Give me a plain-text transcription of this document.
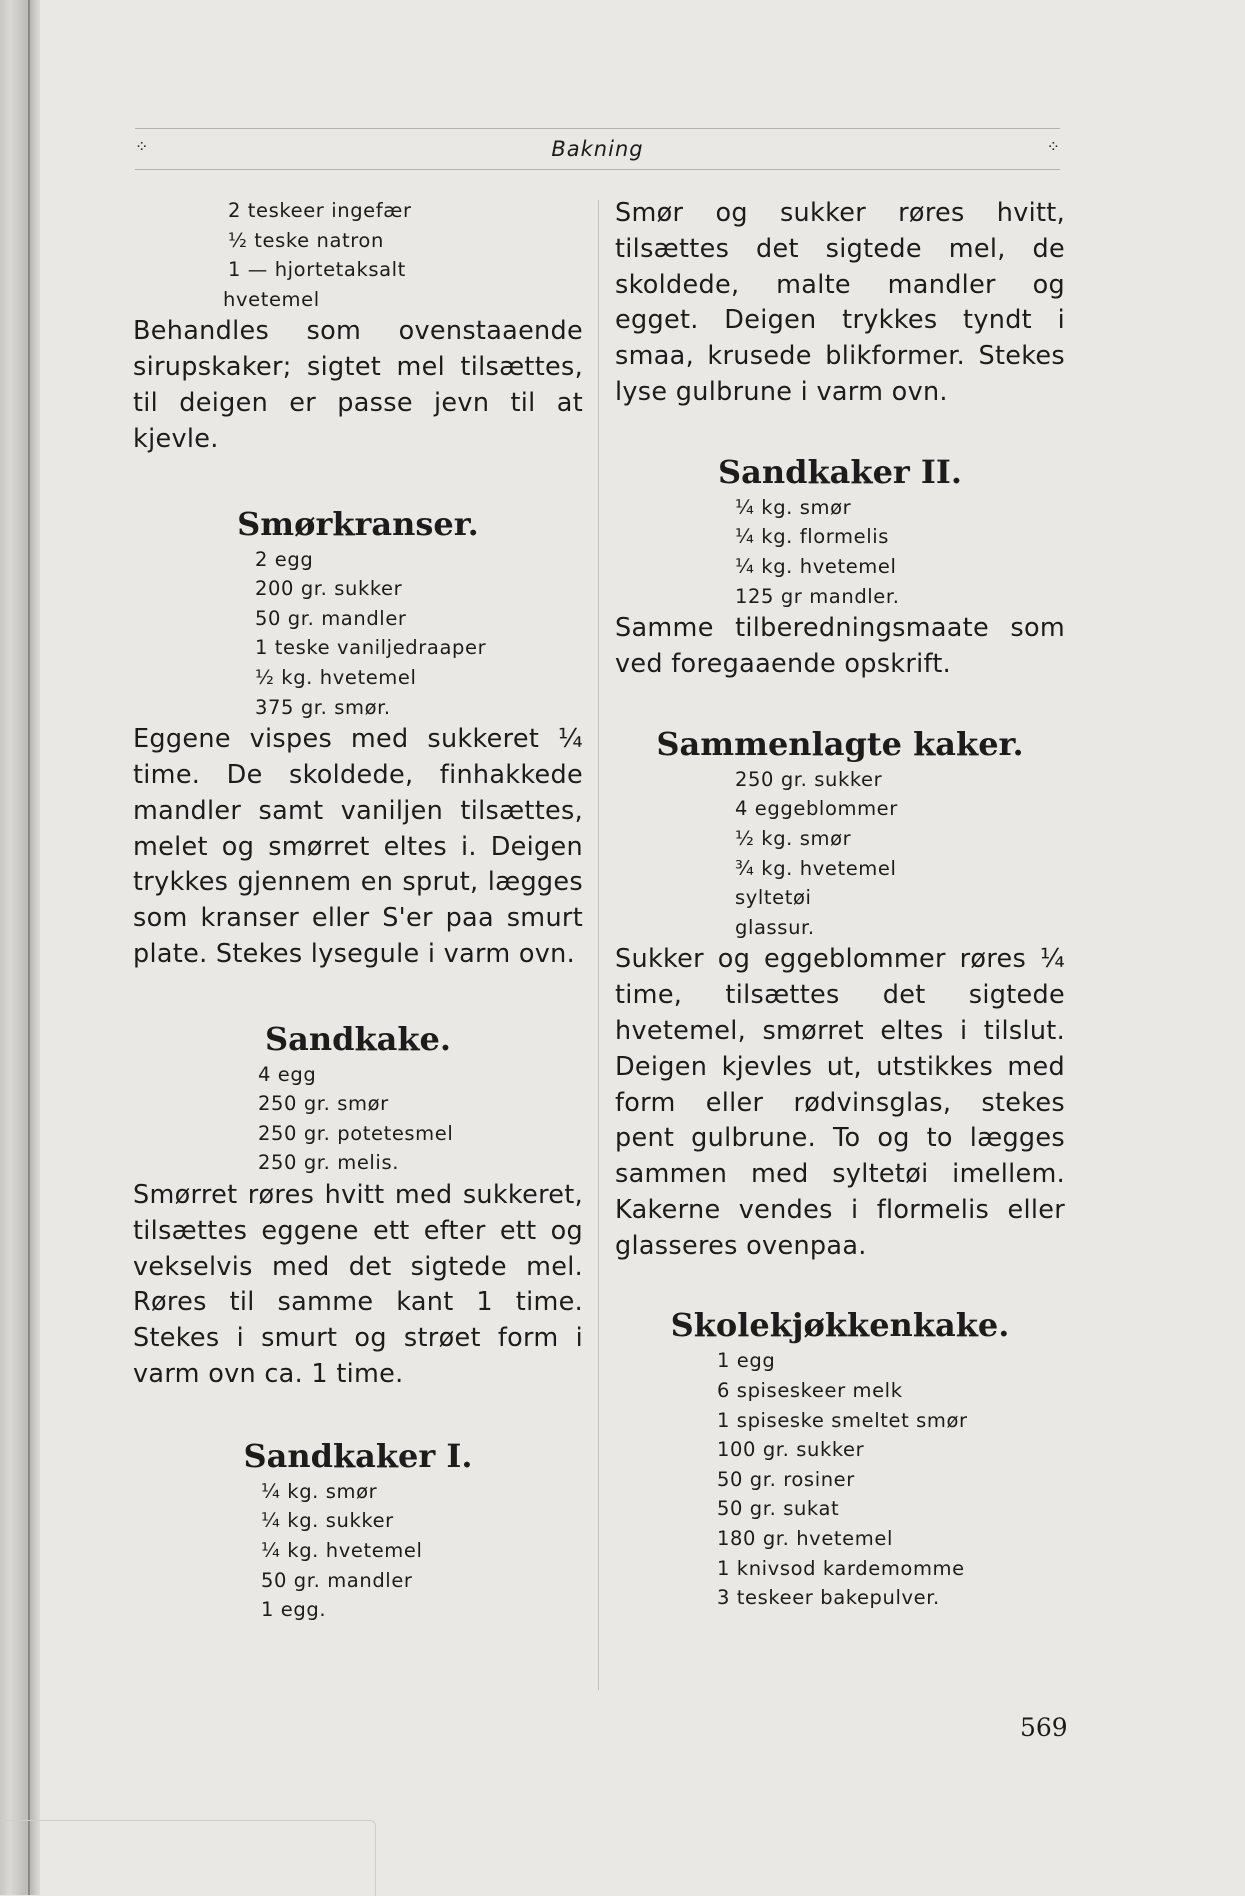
⁘	Bakning	⁘

2 teskeer ingefær

½ teske natron

1 — hjortetaksalt

hvetemel

Behandles som ovenstaaende sirupskaker; sigtet mel tilsættes, til deigen er passe jevn til at kjevle.

Smørkranser.

2 egg

200 gr. sukker

50 gr. mandler

1 teske vaniljedraaper

½ kg. hvetemel

375 gr. smør.

Eggene vispes med sukkeret ¼ time. De skoldede, finhakkede mandler samt vaniljen tilsættes, melet og smørret eltes i. Deigen trykkes gjennem en sprut, lægges som kranser eller S'er paa smurt plate. Stekes lysegule i varm ovn.

Sandkake.

4 egg

250 gr. smør

250 gr. potetesmel

250 gr. melis.

Smørret røres hvitt med sukkeret, tilsættes eggene ett efter ett og vekselvis med det sigtede mel. Røres til samme kant 1 time. Stekes i smurt og strøet form i varm ovn ca. 1 time.

Sandkaker I.

¼ kg. smør

¼ kg. sukker

¼ kg. hvetemel

50 gr. mandler

1 egg.

Smør og sukker røres hvitt, tilsættes det sigtede mel, de skoldede, malte mandler og egget. Deigen trykkes tyndt i smaa, krusede blikformer. Stekes lyse gulbrune i varm ovn.

Sandkaker II.

¼ kg. smør

¼ kg. flormelis

¼ kg. hvetemel

125 gr mandler.

Samme tilberedningsmaate som ved foregaaende opskrift.

Sammenlagte kaker.

250 gr. sukker

4 eggeblommer

½ kg. smør

¾ kg. hvetemel

syltetøi

glassur.

Sukker og eggeblommer røres ¼ time, tilsættes det sigtede hvetemel, smørret eltes i tilslut. Deigen kjevles ut, utstikkes med form eller rødvinsglas, stekes pent gulbrune. To og to lægges sammen med syltetøi imellem. Kakerne vendes i flormelis eller glasseres ovenpaa.

Skolekjøkkenkake.

1 egg

6 spiseskeer melk

1 spiseske smeltet smør

100 gr. sukker

50 gr. rosiner

50 gr. sukat

180 gr. hvetemel

1 knivsod kardemomme

3 teskeer bakepulver.

569
